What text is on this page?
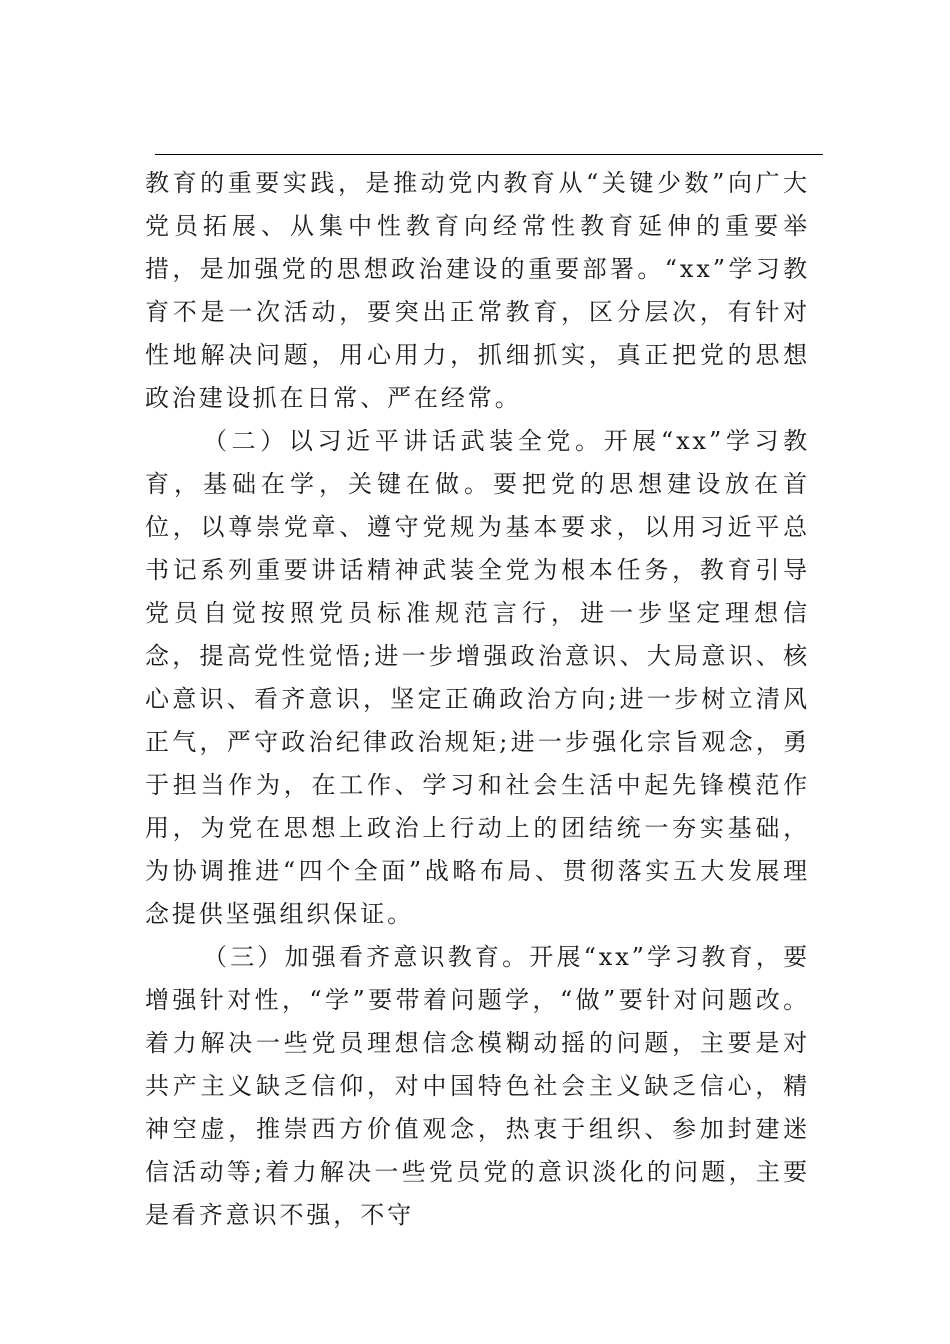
教育的重要实践，是推动党内教育从“关键少数”向广大党员拓展、从集中性教育向经常性教育延伸的重要举措，是加强党的思想政治建设的重要部署。“xx”学习教育不是一次活动，要突出正常教育，区分层次，有针对性地解决问题，用心用力，抓细抓实，真正把党的思想政治建设抓在日常、严在经常。

（二）以习近平讲话武装全党。开展“xx”学习教育，基础在学，关键在做。要把党的思想建设放在首位，以尊崇党章、遵守党规为基本要求，以用习近平总书记系列重要讲话精神武装全党为根本任务，教育引导党员自觉按照党员标准规范言行，进一步坚定理想信念，提高党性觉悟;进一步增强政治意识、大局意识、核心意识、看齐意识，坚定正确政治方向;进一步树立清风正气，严守政治纪律政治规矩;进一步强化宗旨观念，勇于担当作为，在工作、学习和社会生活中起先锋模范作用，为党在思想上政治上行动上的团结统一夯实基础，为协调推进“四个全面”战略布局、贯彻落实五大发展理念提供坚强组织保证。

（三）加强看齐意识教育。开展“xx”学习教育，要增强针对性，“学”要带着问题学，“做”要针对问题改。着力解决一些党员理想信念模糊动摇的问题，主要是对共产主义缺乏信仰，对中国特色社会主义缺乏信心，精神空虚，推崇西方价值观念，热衷于组织、参加封建迷信活动等;着力解决一些党员党的意识淡化的问题，主要是看齐意识不强，不守
